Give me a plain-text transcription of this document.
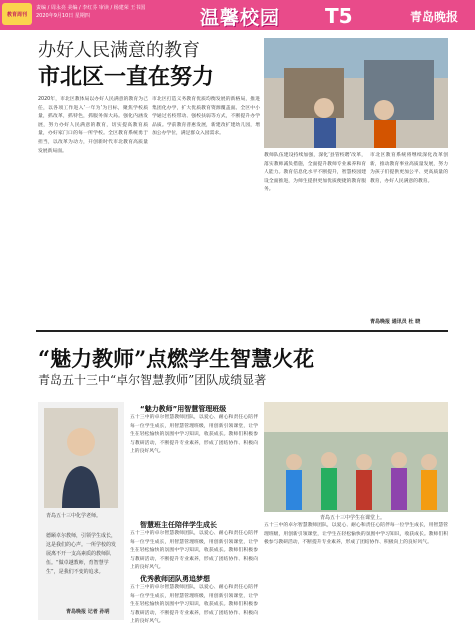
教育周刊
责编 / 周永亮 美编 / 李红芬 审读 / 杨建荣 王书国
2020年9月10日 星期四	温馨校园 T5	青岛晚报
办好人民满意的教育
市北区一直在努力
2020年，市北区教体局以办好人民满意的教育为己任，以各项工作进入‘一年为’为目标，聚焦学校质量，抓改革，抓特色，抓服务保大局。强化内涵发展，努力办好人民满意的教育，切实提高教育质量，办好家门口的每一所学校。全区教育系统勇于担当，以改革为动力，开创新时代市北教育高质量发展新局面。
市北区打造义务教育优质均衡发展的新格局，推进集团化办学，扩大优质教育资源覆盖面。全区中小学通过名校带动、强校扶弱等方式，不断提升办学品质。学前教育普惠发展，新建改扩建幼儿园，增加公办学位，满足群众入园需求。
教师队伍建设持续加强，深化‘县管校聘’改革，落实教师减负措施，全面提升教师专业素养和育人能力。教育信息化水平不断提升，智慧校园建设全面推进，为师生提供更加优质便捷的教育服务。
市北区教育系统将继续深化改革创新，推动教育事业高质量发展，努力为孩子们提供更加公平、更高质量的教育，办好人民满意的教育。
青岛晚报 通讯员 杜 晓
“魅力教师”点燃学生智慧火花
青岛五十三中“卓尔智慧教师”团队成绩显著
青岛五十三中化学老师。
德颐卓尔教师，引领学生成长，这是我们的心声。一所学校的发展离不开一支高素质的教师队伍。“做卓越教师，育智慧学生”，是我们不变的追求。
青岛晚报 记者 孙明
“魅力教师”用智慧管理班级
五十三中的卓尔智慧教师团队，以爱心、耐心和责任心陪伴每一位学生成长，用智慧管理班级，用创新引领课堂，让学生在轻松愉快的氛围中学习知识，收获成长。教师们积极参与教研活动，不断提升专业素养，形成了团结协作、积极向上的良好风气。
青岛五十三中学生在课堂上。
智慧班主任陪伴学生成长
五十三中的卓尔智慧教师团队，以爱心、耐心和责任心陪伴每一位学生成长，用智慧管理班级，用创新引领课堂，让学生在轻松愉快的氛围中学习知识，收获成长。教师们积极参与教研活动，不断提升专业素养，形成了团结协作、积极向上的良好风气。
优秀教师团队勇追梦想
五十三中的卓尔智慧教师团队，以爱心、耐心和责任心陪伴每一位学生成长，用智慧管理班级，用创新引领课堂，让学生在轻松愉快的氛围中学习知识，收获成长。教师们积极参与教研活动，不断提升专业素养，形成了团结协作、积极向上的良好风气。
五十三中的卓尔智慧教师团队，以爱心、耐心和责任心陪伴每一位学生成长，用智慧管理班级，用创新引领课堂，让学生在轻松愉快的氛围中学习知识，收获成长。教师们积极参与教研活动，不断提升专业素养，形成了团结协作、积极向上的良好风气。
